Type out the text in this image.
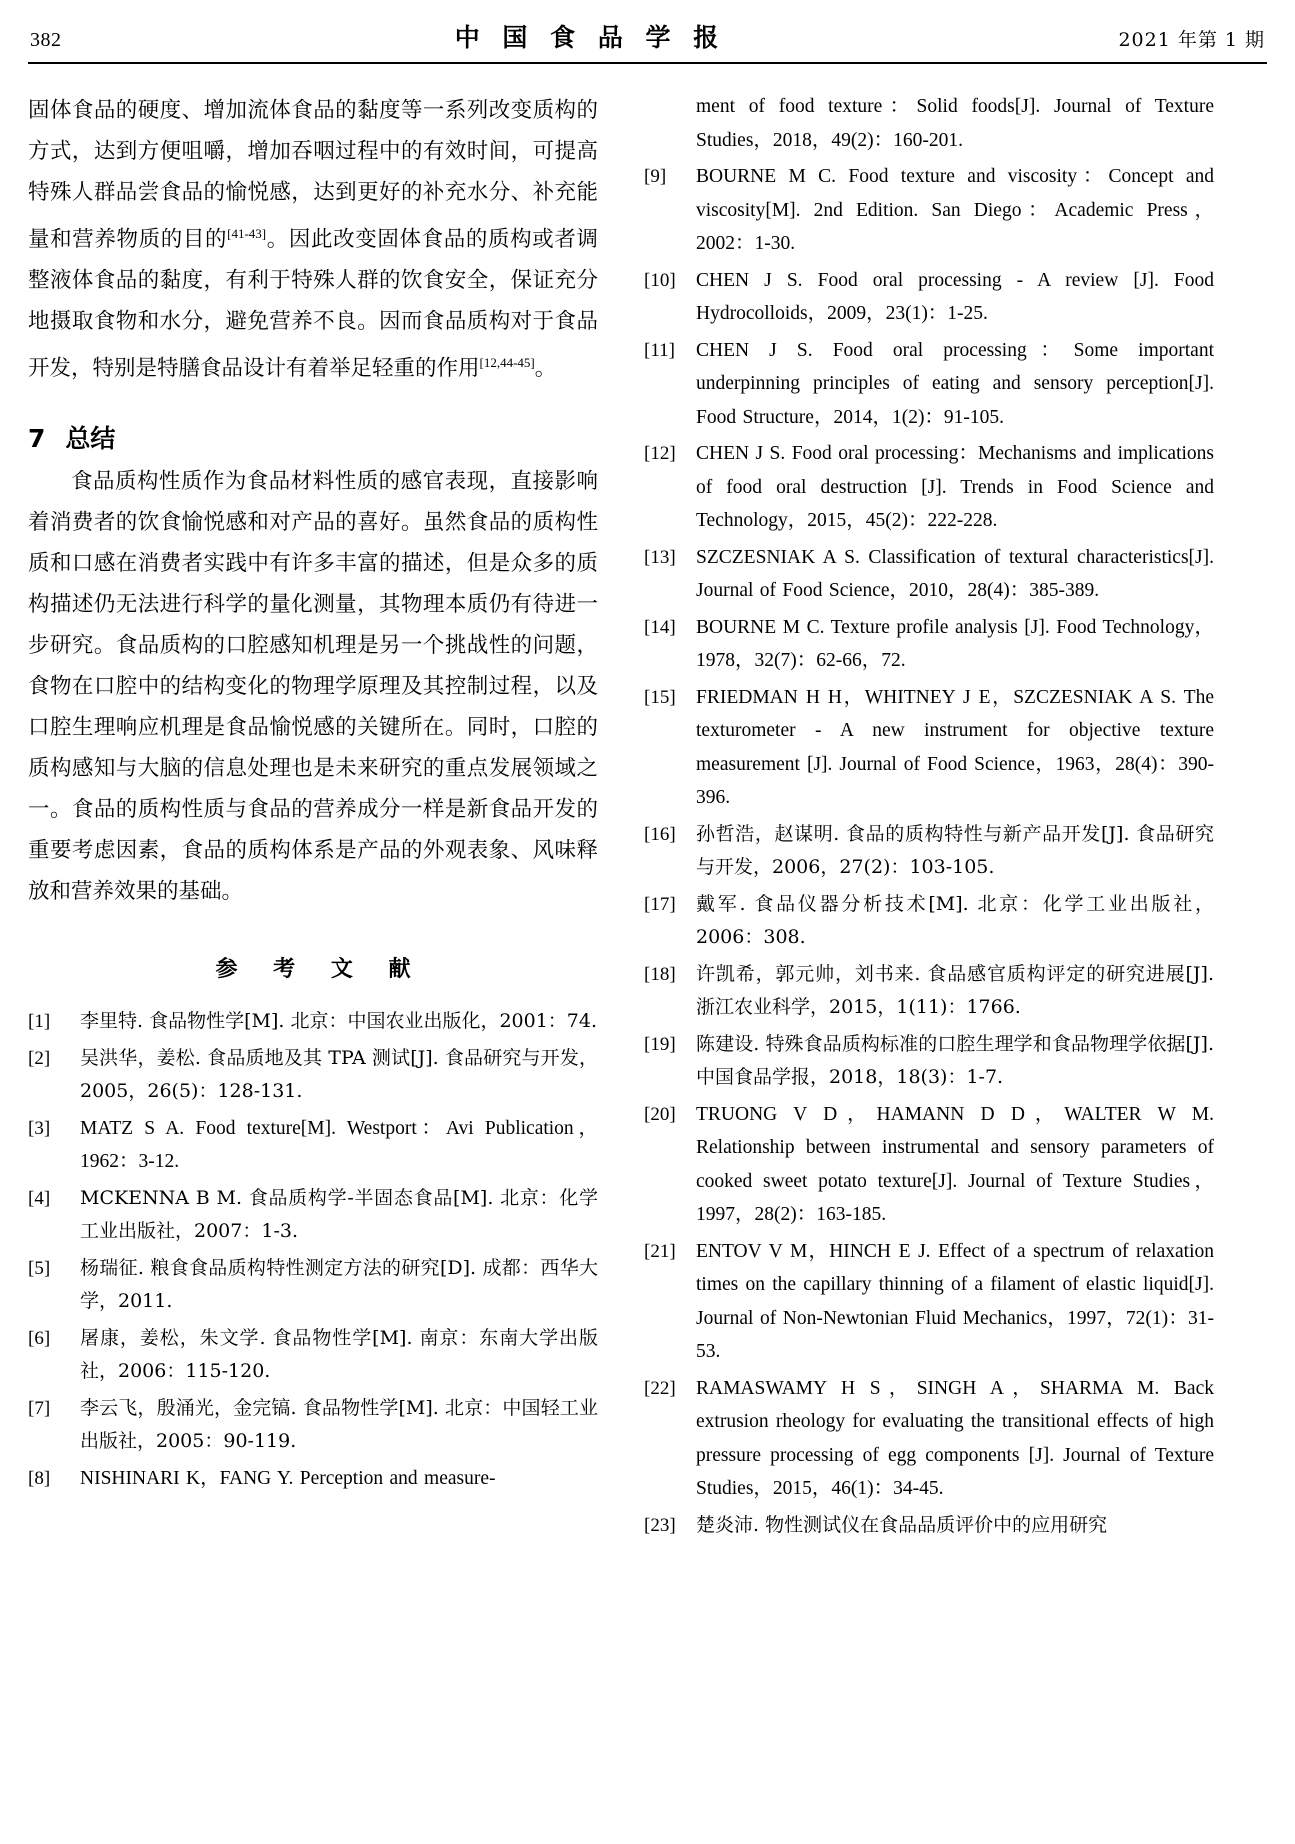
382	中 国 食 品 学 报	2021 年第 1 期

固体食品的硬度、增加流体食品的黏度等一系列改变质构的方式，达到方便咀嚼，增加吞咽过程中的有效时间，可提高特殊人群品尝食品的愉悦感，达到更好的补充水分、补充能量和营养物质的目的[41-43]。因此改变固体食品的质构或者调整液体食品的黏度，有利于特殊人群的饮食安全，保证充分地摄取食物和水分，避免营养不良。因而食品质构对于食品开发，特别是特膳食品设计有着举足轻重的作用[12,44-45]。

7 总结

食品质构性质作为食品材料性质的感官表现，直接影响着消费者的饮食愉悦感和对产品的喜好。虽然食品的质构性质和口感在消费者实践中有许多丰富的描述，但是众多的质构描述仍无法进行科学的量化测量，其物理本质仍有待进一步研究。食品质构的口腔感知机理是另一个挑战性的问题，食物在口腔中的结构变化的物理学原理及其控制过程，以及口腔生理响应机理是食品愉悦感的关键所在。同时，口腔的质构感知与大脑的信息处理也是未来研究的重点发展领域之一。食品的质构性质与食品的营养成分一样是新食品开发的重要考虑因素，食品的质构体系是产品的外观表象、风味释放和营养效果的基础。

参 考 文 献
[1]	李里特. 食品物性学[M]. 北京：中国农业出版化，2001：74.
[2]	吴洪华，姜松. 食品质地及其 TPA 测试[J]. 食品研究与开发，2005，26(5)：128-131.
[3]	MATZ S A. Food texture[M]. Westport：Avi Publication，1962：3-12.
[4]	MCKENNA B M. 食品质构学-半固态食品[M]. 北京：化学工业出版社，2007：1-3.
[5]	杨瑞征. 粮食食品质构特性测定方法的研究[D]. 成都：西华大学，2011.
[6]	屠康，姜松，朱文学. 食品物性学[M]. 南京：东南大学出版社，2006：115-120.
[7]	李云飞，殷涌光，金完镐. 食品物性学[M]. 北京：中国轻工业出版社，2005：90-119.
[8]	NISHINARI K，FANG Y. Perception and measure-
ment of food texture：Solid foods[J]. Journal of Texture Studies，2018，49(2)：160-201.
[9]	BOURNE M C. Food texture and viscosity：Concept and viscosity[M]. 2nd Edition. San Diego：Academic Press，2002：1-30.
[10]	CHEN J S. Food oral processing - A review [J]. Food Hydrocolloids，2009，23(1)：1-25.
[11]	CHEN J S. Food oral processing：Some important underpinning principles of eating and sensory perception[J]. Food Structure，2014，1(2)：91-105.
[12]	CHEN J S. Food oral processing：Mechanisms and implications of food oral destruction [J]. Trends in Food Science and Technology，2015，45(2)：222-228.
[13]	SZCZESNIAK A S. Classification of textural characteristics[J]. Journal of Food Science，2010，28(4)：385-389.
[14]	BOURNE M C. Texture profile analysis [J]. Food Technology，1978，32(7)：62-66，72.
[15]	FRIEDMAN H H，WHITNEY J E，SZCZESNIAK A S. The texturometer - A new instrument for objective texture measurement [J]. Journal of Food Science，1963，28(4)：390-396.
[16]	孙哲浩，赵谋明. 食品的质构特性与新产品开发[J]. 食品研究与开发，2006，27(2)：103-105.
[17]	戴军. 食品仪器分析技术[M]. 北京：化学工业出版社，2006：308.
[18]	许凯希，郭元帅，刘书来. 食品感官质构评定的研究进展[J]. 浙江农业科学，2015，1(11)：1766.
[19]	陈建设. 特殊食品质构标准的口腔生理学和食品物理学依据[J]. 中国食品学报，2018，18(3)：1-7.
[20]	TRUONG V D，HAMANN D D，WALTER W M. Relationship between instrumental and sensory parameters of cooked sweet potato texture[J]. Journal of Texture Studies，1997，28(2)：163-185.
[21]	ENTOV V M，HINCH E J. Effect of a spectrum of relaxation times on the capillary thinning of a filament of elastic liquid[J]. Journal of Non-Newtonian Fluid Mechanics，1997，72(1)：31-53.
[22]	RAMASWAMY H S，SINGH A，SHARMA M. Back extrusion rheology for evaluating the transitional effects of high pressure processing of egg components [J]. Journal of Texture Studies，2015，46(1)：34-45.
[23]	楚炎沛. 物性测试仪在食品品质评价中的应用研究
